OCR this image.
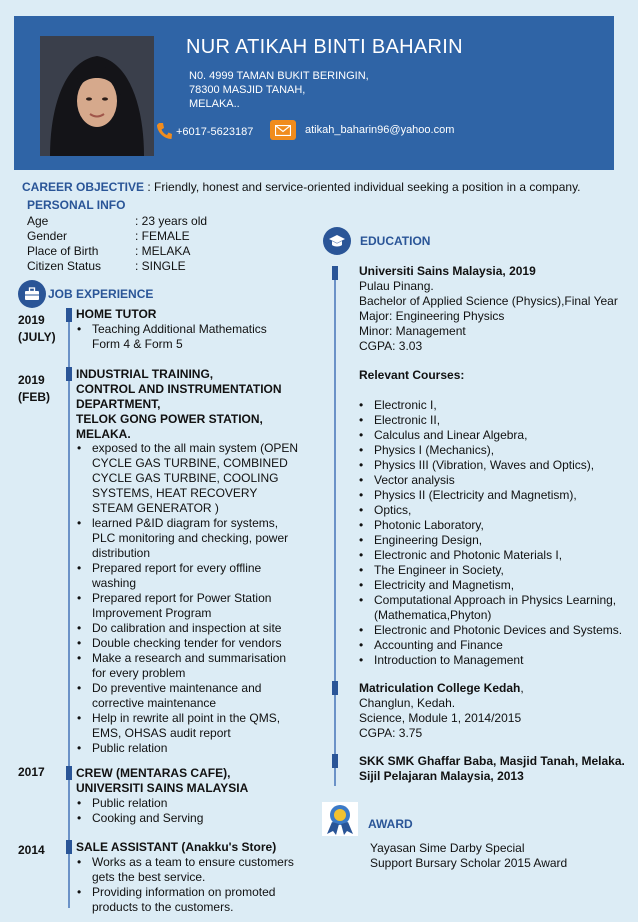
NUR ATIKAH BINTI BAHARIN
N0. 4999 TAMAN BUKIT BERINGIN,
78300 MASJID TANAH,
MELAKA..
+6017-5623187	atikah_baharin96@yahoo.com
CAREER OBJECTIVE : Friendly, honest and service-oriented individual seeking a position in a company.
PERSONAL INFO
Age	: 23 years old
Gender	: FEMALE
Place of Birth	: MELAKA
Citizen Status	: SINGLE
JOB EXPERIENCE
2019
(JULY)
HOME TUTOR
• Teaching Additional Mathematics Form 4 & Form 5
2019
(FEB)
INDUSTRIAL TRAINING,
CONTROL AND INSTRUMENTATION DEPARTMENT,
TELOK GONG POWER STATION,
MELAKA.
• exposed to the all main system (OPEN CYCLE GAS TURBINE, COMBINED CYCLE GAS TURBINE, COOLING SYSTEMS, HEAT RECOVERY STEAM GENERATOR )
• learned P&ID diagram for systems, PLC monitoring and checking, power distribution
• Prepared report for every offline washing
• Prepared report for Power Station Improvement Program
• Do calibration and inspection at site
• Double checking tender for vendors
• Make a research and summarisation for every problem
• Do preventive maintenance and corrective maintenance
• Help in rewrite all point in the QMS, EMS, OHSAS audit report
• Public relation
2017	CREW (MENTARAS CAFE),
UNIVERSITI SAINS MALAYSIA
• Public relation
• Cooking and Serving
2014	SALE ASSISTANT (Anakku's Store)
• Works as a team to ensure customers gets the best service.
• Providing information on promoted products to the customers.
EDUCATION
Universiti Sains Malaysia, 2019
Pulau Pinang.
Bachelor of Applied Science (Physics),Final Year
Major: Engineering Physics
Minor: Management
CGPA: 3.03
Relevant Courses:
• Electronic I,
• Electronic II,
• Calculus and Linear Algebra,
• Physics I (Mechanics),
• Physics III (Vibration, Waves and Optics),
• Vector analysis
• Physics II (Electricity and Magnetism),
• Optics,
• Photonic Laboratory,
• Engineering Design,
• Electronic and Photonic Materials I,
• The Engineer in Society,
• Electricity and Magnetism,
• Computational Approach in Physics Learning, (Mathematica,Phyton)
• Electronic and Photonic Devices and Systems.
• Accounting and Finance
• Introduction to Management
Matriculation College Kedah,
Changlun, Kedah.
Science, Module 1, 2014/2015
CGPA: 3.75
SKK SMK Ghaffar Baba, Masjid Tanah, Melaka.
Sijil Pelajaran Malaysia, 2013
AWARD
Yayasan Sime Darby Special
Support Bursary Scholar 2015 Award
